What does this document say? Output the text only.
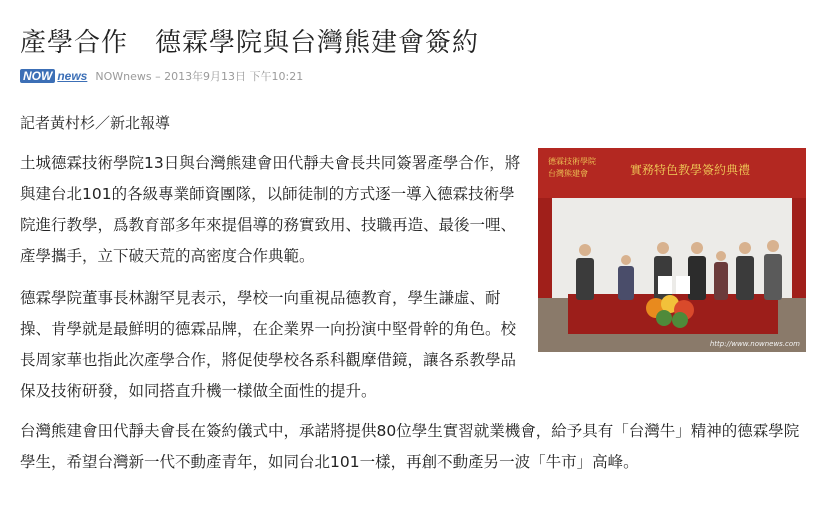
產學合作　德霖學院與台灣熊建會簽約
NOW news NOWnews – 2013年9月13日 下午10:21
記者黃村杉／新北報導
土城德霖技術學院13日與台灣熊建會田代靜夫會長共同簽署產學合作，將與建台北101的各級專業師資團隊，以師徒制的方式逐一導入德霖技術學院進行教學，爲教育部多年來提倡導的務實致用、技職再造、最後一哩、產學攜手，立下破天荒的高密度合作典範。
德霖學院董事長林謝罕見表示，學校一向重視品德教育，學生謙虛、耐操、肯學就是最鮮明的德霖品牌，在企業界一向扮演中堅骨幹的角色。校長周家華也指此次產學合作，將促使學校各系科觀摩借鏡，讓各系教學品保及技術研發，如同搭直升機一樣做全面性的提升。
台灣熊建會田代靜夫會長在簽約儀式中，承諾將提供80位學生實習就業機會，給予具有「台灣牛」精神的德霖學院學生，希望台灣新一代不動產青年，如同台北101一樣，再創不動產另一波「牛市」高峰。
德霖技術學院
台灣熊建會	實務特色教學簽約典禮
http://www.nownews.com
